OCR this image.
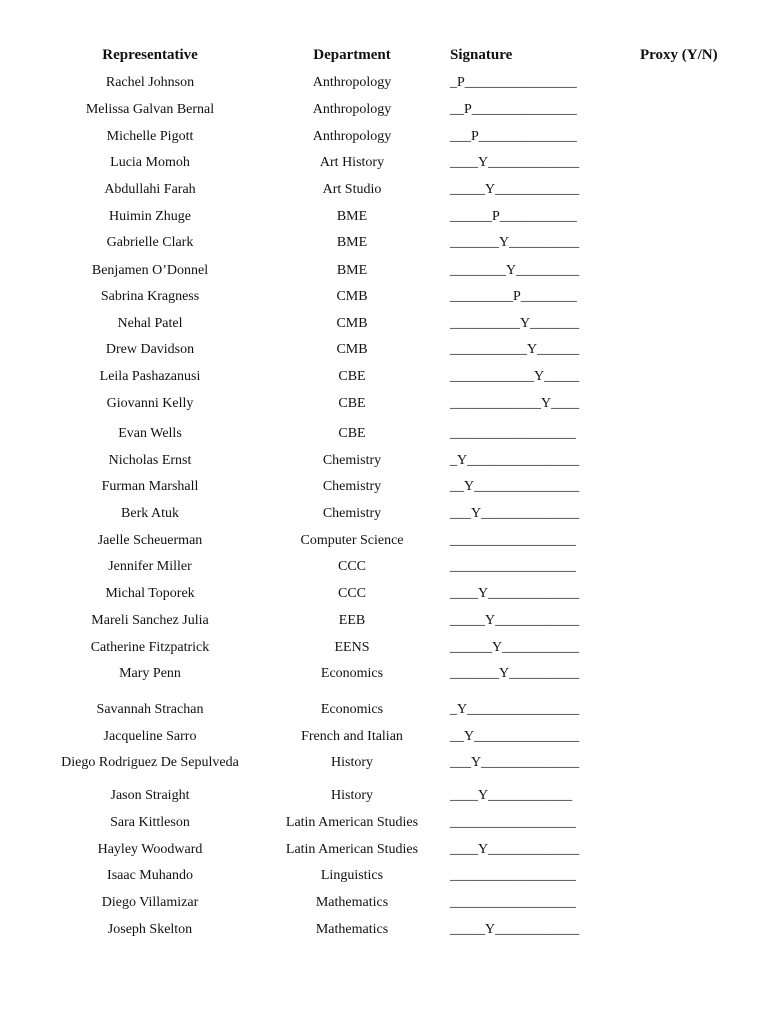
Representative	Department	Signature	Proxy (Y/N)
Rachel Johnson	Anthropology	_P________________
Melissa Galvan Bernal	Anthropology	__P_______________
Michelle Pigott	Anthropology	___P______________
Lucia Momoh	Art History	____Y_____________
Abdullahi Farah	Art Studio	_____Y____________
Huimin Zhuge	BME	______P___________
Gabrielle Clark	BME	_______Y__________
Benjamen O’Donnel	BME	________Y_________
Sabrina Kragness	CMB	_________P________
Nehal Patel	CMB	__________Y_______
Drew Davidson	CMB	___________Y______
Leila Pashazanusi	CBE	____________Y_____
Giovanni Kelly	CBE	_____________Y____
Evan Wells	CBE	__________________
Nicholas Ernst	Chemistry	_Y________________
Furman Marshall	Chemistry	__Y_______________
Berk Atuk	Chemistry	___Y______________
Jaelle Scheuerman	Computer Science	__________________
Jennifer Miller	CCC	__________________
Michal Toporek	CCC	____Y_____________
Mareli Sanchez Julia	EEB	_____Y____________
Catherine Fitzpatrick	EENS	______Y___________
Mary Penn	Economics	_______Y__________
Savannah Strachan	Economics	_Y________________
Jacqueline Sarro	French and Italian	__Y_______________
Diego Rodriguez De Sepulveda	History	___Y______________
Jason Straight	History	____Y____________
Sara Kittleson	Latin American Studies	__________________
Hayley Woodward	Latin American Studies	____Y_____________
Isaac Muhando	Linguistics	__________________
Diego Villamizar	Mathematics	__________________
Joseph Skelton	Mathematics	_____Y____________
